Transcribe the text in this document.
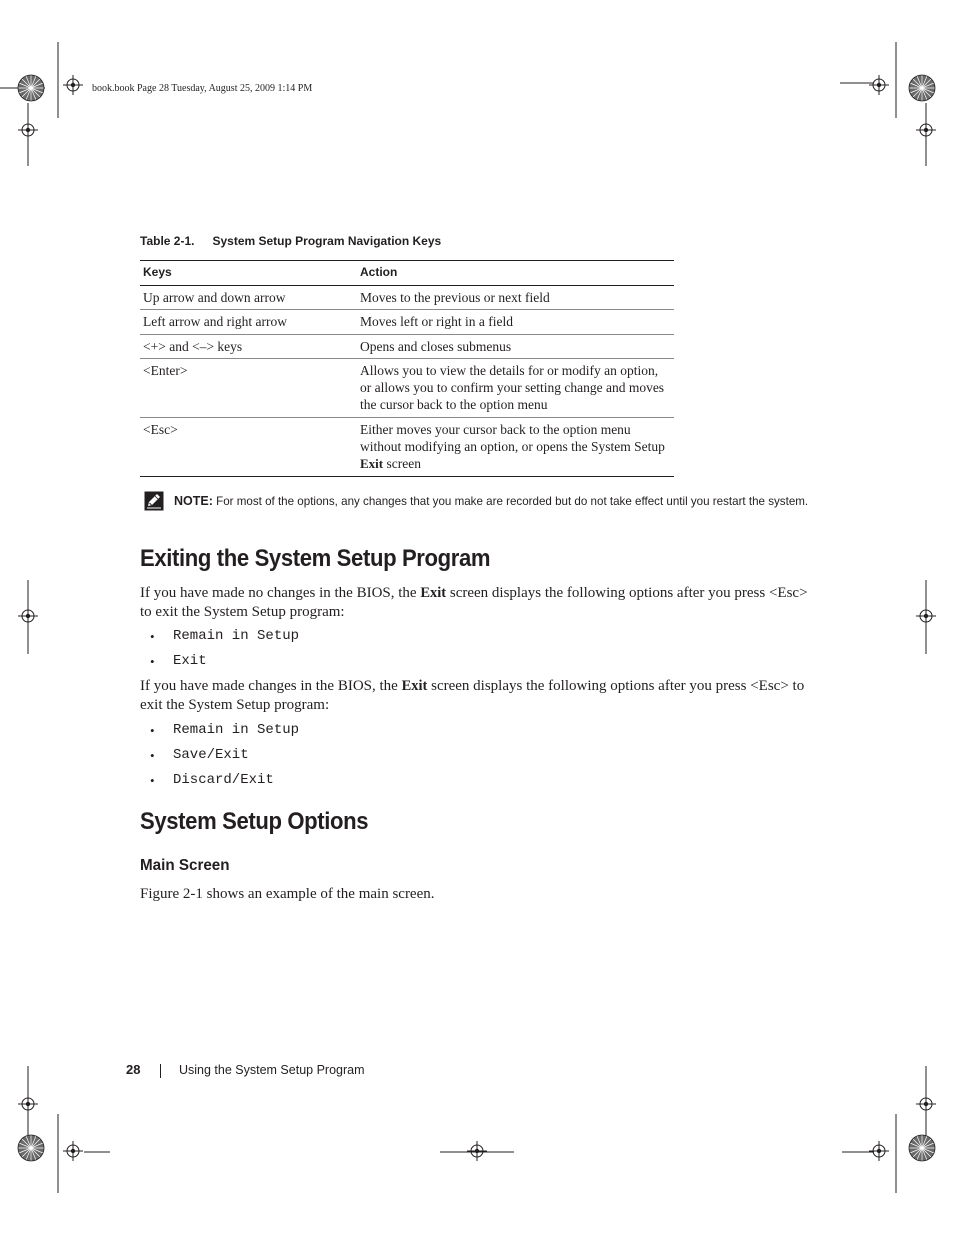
book.book Page 28 Tuesday, August 25, 2009 1:14 PM
Table 2-1. System Setup Program Navigation Keys
Keys	Action
Up arrow and down arrow	Moves to the previous or next field
Left arrow and right arrow	Moves left or right in a field
<+> and <–> keys	Opens and closes submenus
<Enter>	Allows you to view the details for or modify an option, or allows you to confirm your setting change and moves the cursor back to the option menu
<Esc>	Either moves your cursor back to the option menu without modifying an option, or opens the System Setup Exit screen
NOTE: For most of the options, any changes that you make are recorded but do not take effect until you restart the system.
Exiting the System Setup Program
If you have made no changes in the BIOS, the Exit screen displays the following options after you press <Esc> to exit the System Setup program:
• Remain in Setup
• Exit
If you have made changes in the BIOS, the Exit screen displays the following options after you press <Esc> to exit the System Setup program:
• Remain in Setup
• Save/Exit
• Discard/Exit
System Setup Options
Main Screen
Figure 2-1 shows an example of the main screen.
28	Using the System Setup Program
